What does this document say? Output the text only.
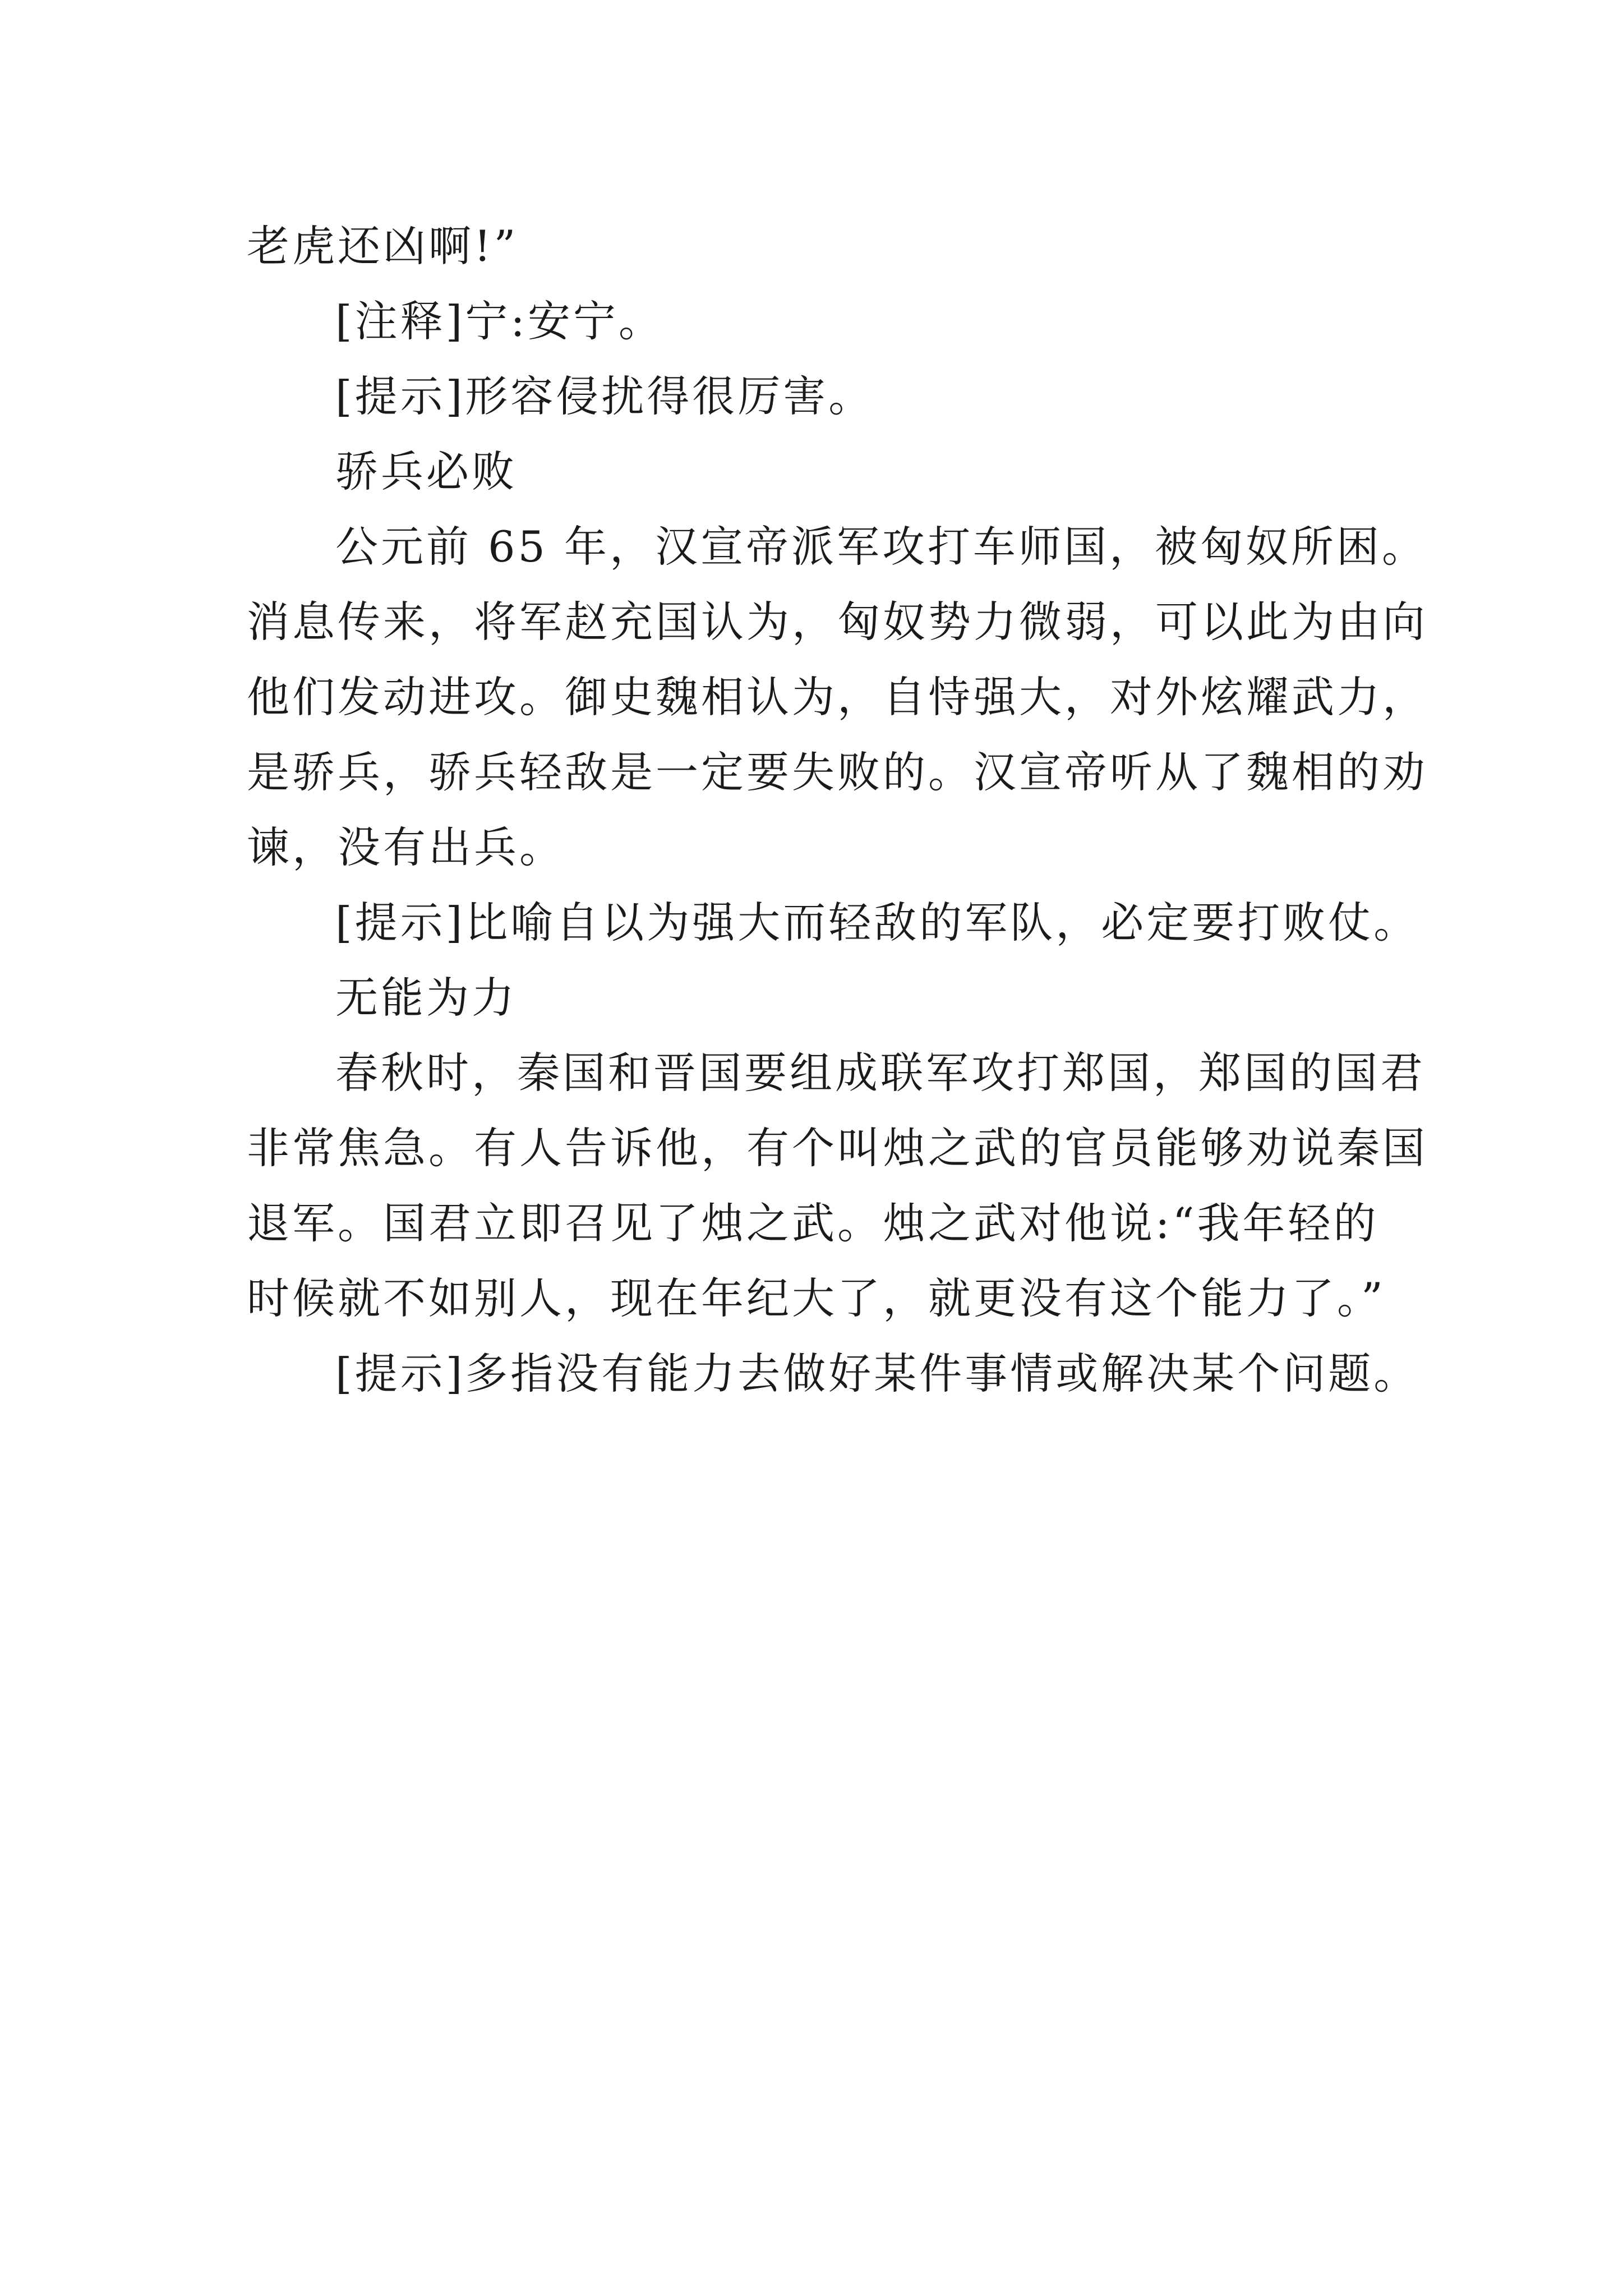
老虎还凶啊!”
[注释]宁:安宁。
[提示]形容侵扰得很厉害。
骄兵必败
公元前 65 年，汉宣帝派军攻打车师国，被匈奴所困。
消息传来，将军赵充国认为，匈奴势力微弱，可以此为由向
他们发动进攻。御史魏相认为，自恃强大，对外炫耀武力，
是骄兵，骄兵轻敌是一定要失败的。汉宣帝听从了魏相的劝
谏，没有出兵。
[提示]比喻自以为强大而轻敌的军队，必定要打败仗。
无能为力
春秋时，秦国和晋国要组成联军攻打郑国，郑国的国君
非常焦急。有人告诉他，有个叫烛之武的官员能够劝说秦国
退军。国君立即召见了烛之武。烛之武对他说:“我年轻的
时候就不如别人，现在年纪大了，就更没有这个能力了。”
[提示]多指没有能力去做好某件事情或解决某个问题。
